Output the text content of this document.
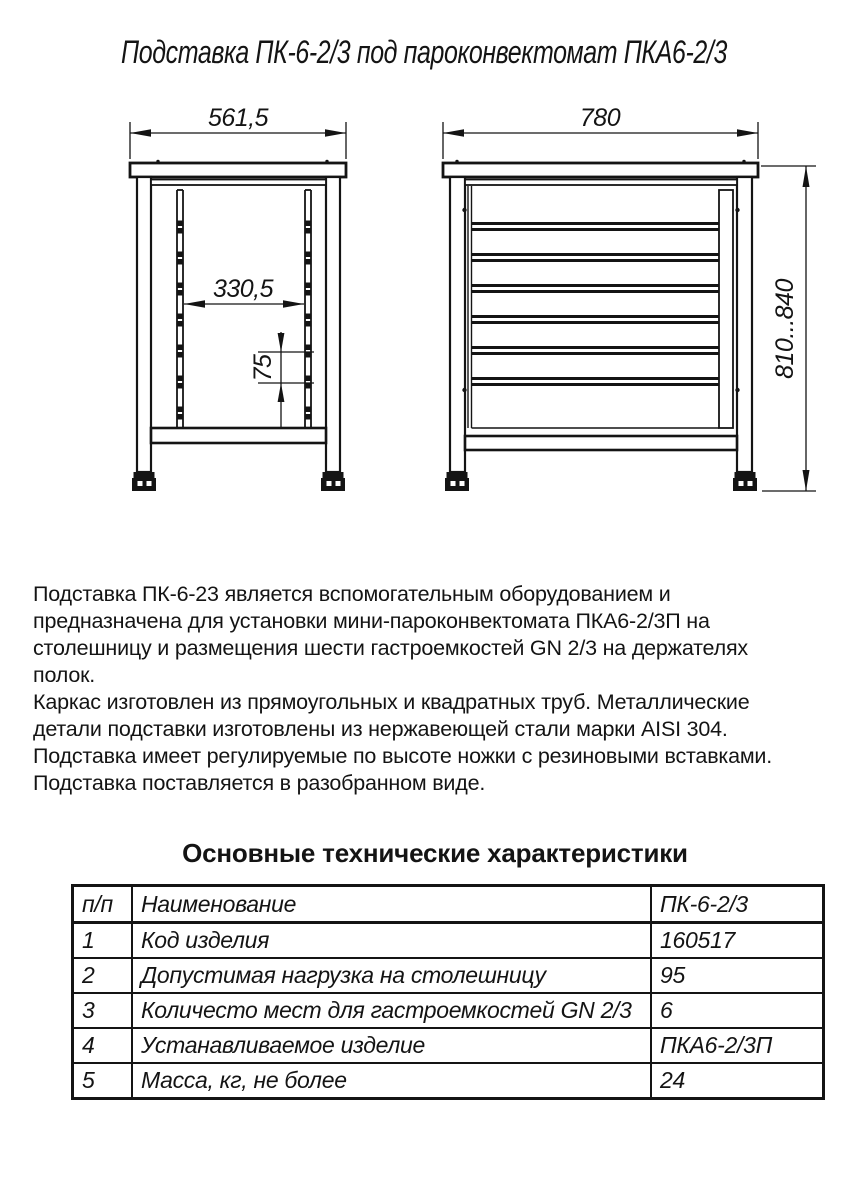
Подставка ПК-6-2/3 под пароконвектомат ПКА6-2/3
561,5
330,5
75
780
810...840
Подставка ПК-6-23 является вспомогательным оборудованием и
предназначена для установки мини-пароконвектомата ПКА6-2/3П на
столешницу и размещения шести гастроемкостей GN 2/3 на держателях
полок.
Каркас изготовлен из прямоугольных и квадратных труб. Металлические
детали подставки изготовлены из нержавеющей стали марки AISI 304.
Подставка имеет регулируемые по высоте ножки с резиновыми вставками.
Подставка поставляется в разобранном виде.
Основные технические характеристики
п/п	Наименование	ПК-6-2/3
1	Код изделия	160517
2	Допустимая нагрузка на столешницу	95
3	Количесто мест для гастроемкостей GN 2/3	6
4	Устанавливаемое изделие	ПКА6-2/3П
5	Масса, кг, не более	24
